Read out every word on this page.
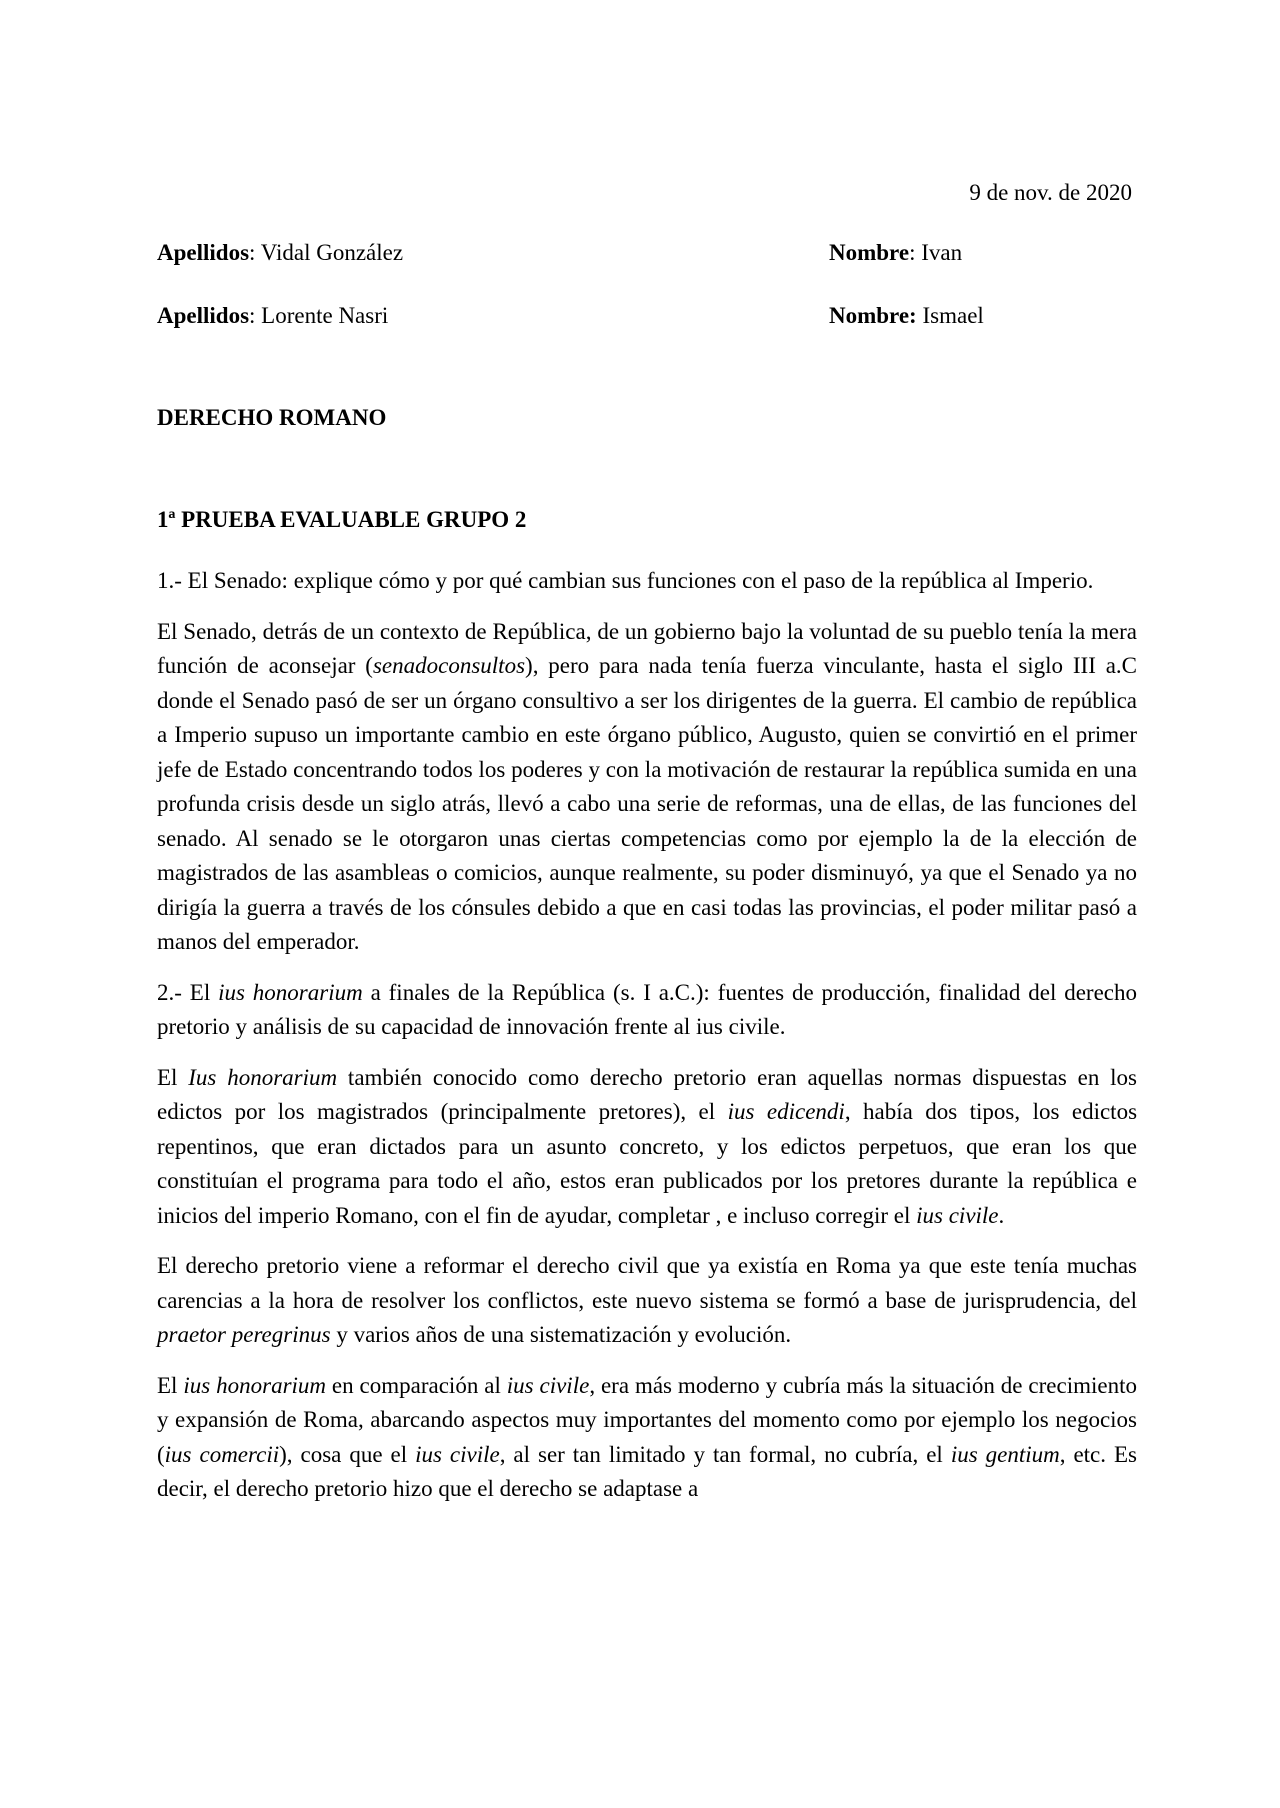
9 de nov. de 2020
Apellidos: Vidal González	Nombre: Ivan
Apellidos: Lorente Nasri	Nombre: Ismael
DERECHO ROMANO
1ª PRUEBA EVALUABLE GRUPO 2

1.- El Senado: explique cómo y por qué cambian sus funciones con el paso de la república al Imperio.

El Senado, detrás de un contexto de República, de un gobierno bajo la voluntad de su pueblo tenía la mera función de aconsejar (senadoconsultos), pero para nada tenía fuerza vinculante, hasta el siglo III a.C donde el Senado pasó de ser un órgano consultivo a ser los dirigentes de la guerra. El cambio de república a Imperio supuso un importante cambio en este órgano público, Augusto, quien se convirtió en el primer jefe de Estado concentrando todos los poderes y con la motivación de restaurar la república sumida en una profunda crisis desde un siglo atrás, llevó a cabo una serie de reformas, una de ellas, de las funciones del senado. Al senado se le otorgaron unas ciertas competencias como por ejemplo la de la elección de magistrados de las asambleas o comicios, aunque realmente, su poder disminuyó, ya que el Senado ya no dirigía la guerra a través de los cónsules debido a que en casi todas las provincias, el poder militar pasó a manos del emperador.

2.- El ius honorarium a finales de la República (s. I a.C.): fuentes de producción, finalidad del derecho pretorio y análisis de su capacidad de innovación frente al ius civile.

El Ius honorarium también conocido como derecho pretorio eran aquellas normas dispuestas en los edictos por los magistrados (principalmente pretores), el ius edicendi, había dos tipos, los edictos repentinos, que eran dictados para un asunto concreto, y los edictos perpetuos, que eran los que constituían el programa para todo el año, estos eran publicados por los pretores durante la república e inicios del imperio Romano, con el fin de ayudar, completar , e incluso corregir el ius civile.

El derecho pretorio viene a reformar el derecho civil que ya existía en Roma ya que este tenía muchas carencias a la hora de resolver los conflictos, este nuevo sistema se formó a base de jurisprudencia, del praetor peregrinus y varios años de una sistematización y evolución.

El ius honorarium en comparación al ius civile, era más moderno y cubría más la situación de crecimiento y expansión de Roma, abarcando aspectos muy importantes del momento como por ejemplo los negocios (ius comercii), cosa que el ius civile, al ser tan limitado y tan formal, no cubría, el ius gentium, etc. Es decir, el derecho pretorio hizo que el derecho se adaptase a
